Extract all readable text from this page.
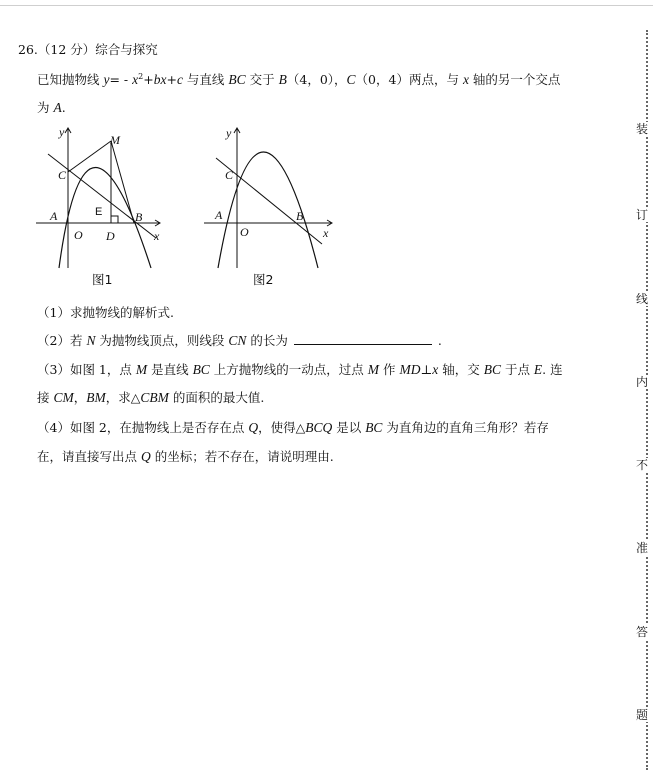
26.（12 分）综合与探究
已知抛物线 $y= - x^2+bx+c$ 与直线 BC 交于 B（4，0），C（0，4）两点，与 x 轴的另一个交点
为 A.
y
M
C
E
A	B
O D	x
图1
y
C
A	B
O	x
图2
（1）求抛物线的解析式.
（2）若 N 为抛物线顶点，则线段 CN 的长为	.
（3）如图 1，点 M 是直线 BC 上方抛物线的一动点，过点 M 作 MD⊥x 轴，交 BC 于点 E. 连
接 CM，BM，求△CBM 的面积的最大值.
（4）如图 2，在抛物线上是否存在点 Q，使得△BCQ 是以 BC 为直角边的直角三角形？若存
在，请直接写出点 Q 的坐标；若不存在，请说明理由.
装
订
线
内
不
准
答
题
